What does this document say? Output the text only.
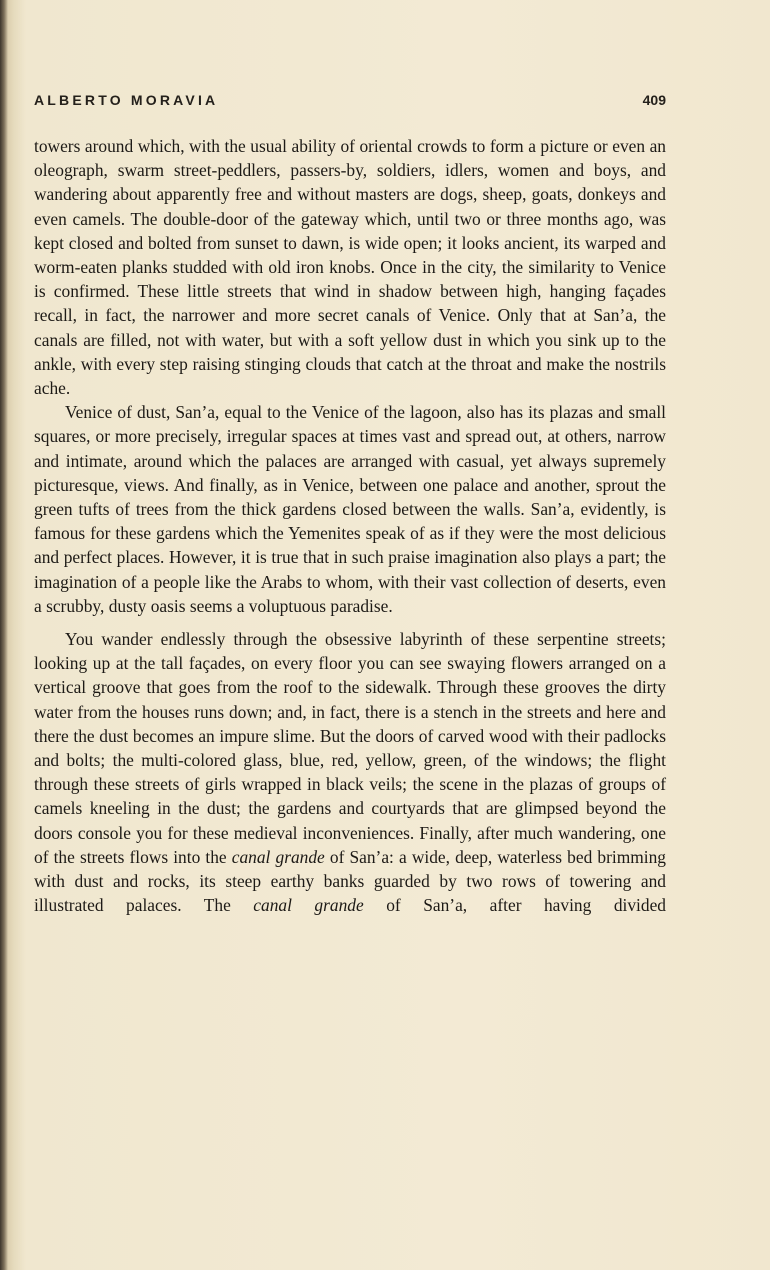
ALBERTO MORAVIA	409

towers around which, with the usual ability of oriental crowds to form a picture or even an oleograph, swarm street-peddlers, passers-by, soldiers, idlers, women and boys, and wandering about apparently free and without masters are dogs, sheep, goats, donkeys and even camels. The double-door of the gateway which, until two or three months ago, was kept closed and bolted from sunset to dawn, is wide open; it looks ancient, its warped and worm-eaten planks studded with old iron knobs. Once in the city, the similarity to Venice is confirmed. These little streets that wind in shadow between high, hanging façades recall, in fact, the narrower and more secret canals of Venice. Only that at San’a, the canals are filled, not with water, but with a soft yellow dust in which you sink up to the ankle, with every step raising stinging clouds that catch at the throat and make the nostrils ache.

Venice of dust, San’a, equal to the Venice of the lagoon, also has its plazas and small squares, or more precisely, irregular spaces at times vast and spread out, at others, narrow and intimate, around which the palaces are arranged with casual, yet always supremely picturesque, views. And finally, as in Venice, between one palace and another, sprout the green tufts of trees from the thick gardens closed between the walls. San’a, evidently, is famous for these gardens which the Yemenites speak of as if they were the most delicious and perfect places. However, it is true that in such praise imagination also plays a part; the imagination of a people like the Arabs to whom, with their vast collection of deserts, even a scrubby, dusty oasis seems a voluptuous paradise.

You wander endlessly through the obsessive labyrinth of these serpentine streets; looking up at the tall façades, on every floor you can see swaying flowers arranged on a vertical groove that goes from the roof to the sidewalk. Through these grooves the dirty water from the houses runs down; and, in fact, there is a stench in the streets and here and there the dust becomes an impure slime. But the doors of carved wood with their padlocks and bolts; the multi-colored glass, blue, red, yellow, green, of the windows; the flight through these streets of girls wrapped in black veils; the scene in the plazas of groups of camels kneeling in the dust; the gardens and courtyards that are glimpsed beyond the doors console you for these medieval inconveniences. Finally, after much wandering, one of the streets flows into the canal grande of San’a: a wide, deep, waterless bed brimming with dust and rocks, its steep earthy banks guarded by two rows of towering and illustrated palaces. The canal grande of San’a, after having divided
